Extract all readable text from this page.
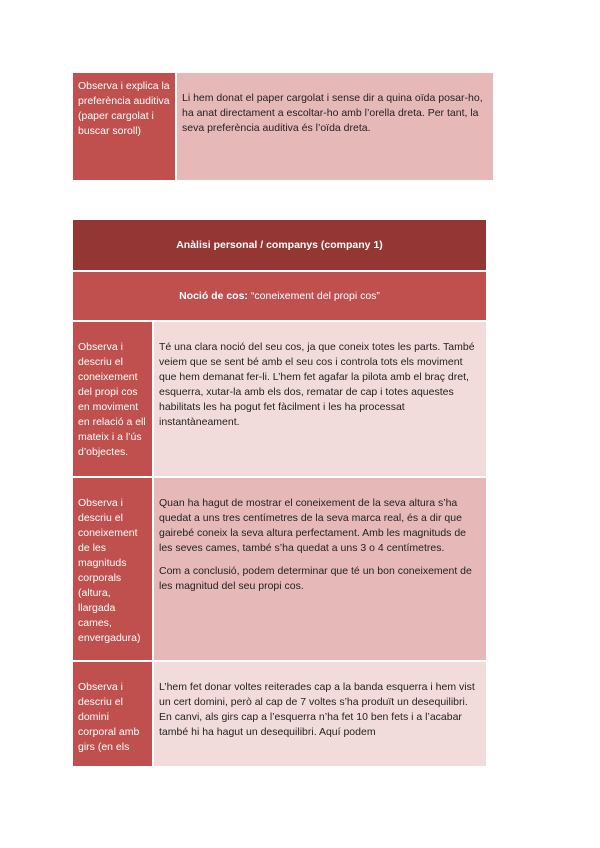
Observa i explica la preferència auditiva (paper cargolat i buscar soroll)
Li hem donat el paper cargolat i sense dir a quina oïda posar-ho, ha anat directament a escoltar-ho amb l’orella dreta. Per tant, la seva preferència auditiva és l’oïda dreta.
Anàlisi personal / companys (company 1)
Noció de cos: “coneixement del propi cos”
Observa i descriu el coneixement del propi cos en moviment en relació a ell mateix i a l’ús d’objectes.

Té una clara noció del seu cos, ja que coneix totes les parts. També veiem que se sent bé amb el seu cos i controla tots els moviment que hem demanat fer-li. L’hem fet agafar la pilota amb el braç dret, esquerra, xutar-la amb els dos, rematar de cap i totes aquestes habilitats les ha pogut fet fàcilment i les ha processat instantàneament.

Observa i descriu el coneixement de les magnituds corporals (altura, llargada cames, envergadura)

Quan ha hagut de mostrar el coneixement de la seva altura s’ha quedat a uns tres centímetres de la seva marca real, és a dir que gairebé coneix la seva altura perfectament. Amb les magnituds de les seves cames, també s’ha quedat a uns 3 o 4 centímetres.

Com a conclusió, podem determinar que té un bon coneixement de les magnitud del seu propi cos.

Observa i descriu el domini corporal amb girs (en els

L’hem fet donar voltes reiterades cap a la banda esquerra i hem vist un cert domini, però al cap de 7 voltes s’ha produït un desequilibri. En canvi, als girs cap a l’esquerra n’ha fet 10 ben fets i a l’acabar també hi ha hagut un desequilibri. Aquí podem
